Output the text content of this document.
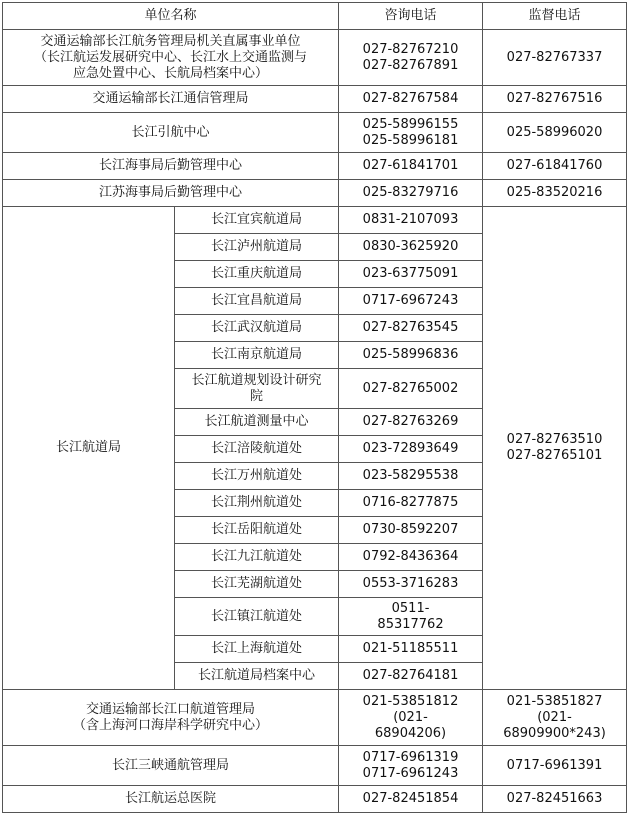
单位名称		咨询电话	监督电话
交通运输部长江航务管理局机关直属事业单位
（长江航运发展研究中心、长江水上交通监测与
应急处置中心、长航局档案中心）		027-82767210
027-82767891	027-82767337
交通运输部长江通信管理局		027-82767584	027-82767516
长江引航中心		025-58996155
025-58996181	025-58996020
长江海事局后勤管理中心		027-61841701	027-61841760
江苏海事局后勤管理中心		025-83279716	025-83520216
长江航道局	长江宜宾航道局	0831-2107093	027-82763510
027-82765101
	长江泸州航道局	0830-3625920	
	长江重庆航道局	023-63775091	
	长江宜昌航道局	0717-6967243	
	长江武汉航道局	027-82763545	
	长江南京航道局	025-58996836	
	长江航道规划设计研究
院	027-82765002	
	长江航道测量中心	027-82763269	
	长江涪陵航道处	023-72893649	
	长江万州航道处	023-58295538	
	长江荆州航道处	0716-8277875	
	长江岳阳航道处	0730-8592207	
	长江九江航道处	0792-8436364	
	长江芜湖航道处	0553-3716283	
	长江镇江航道处	0511-
85317762	
	长江上海航道处	021-51185511	
	长江航道局档案中心	027-82764181	
交通运输部长江口航道管理局
（含上海河口海岸科学研究中心）		021-53851812
(021-
68904206)	021-53851827
(021-
68909900*243)
长江三峡通航管理局		0717-6961319
0717-6961243	0717-6961391
长江航运总医院		027-82451854	027-82451663
